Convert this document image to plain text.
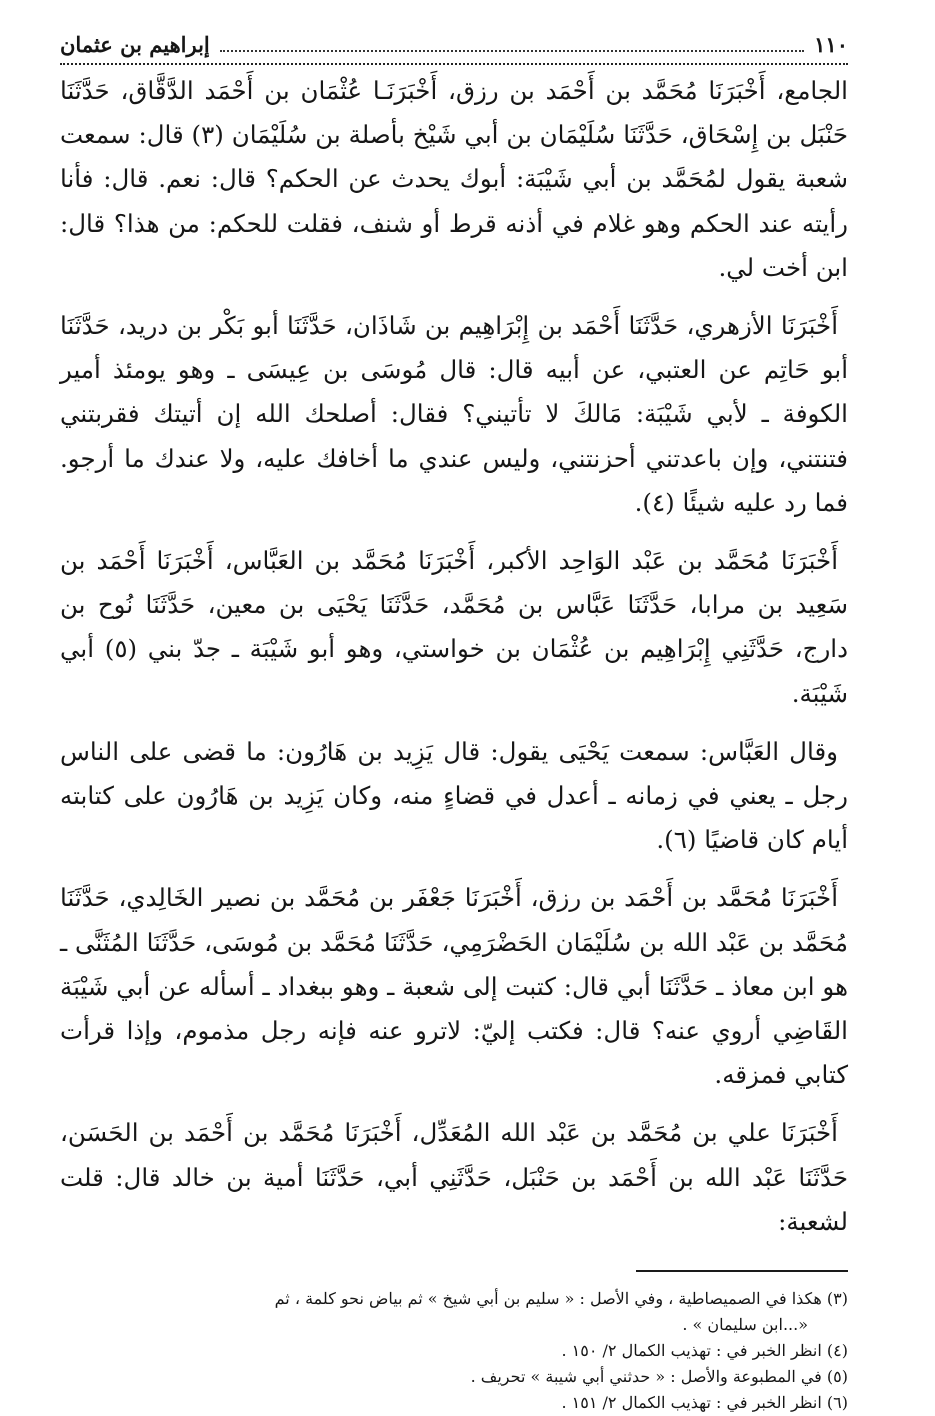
١١٠
إبراهيم بن عثمان

الجامع، أَخْبَرَنَا مُحَمَّد بن أَحْمَد بن رزق، أَخْبَرَنَـا عُثْمَان بن أَحْمَد الدَّقَّاق، حَدَّثَنَا حَنْبَل بن إِسْحَاق، حَدَّثَنَا سُلَيْمَان بن أبي شَيْخ بأصلة بن سُلَيْمَان (٣) قال: سمعت شعبة يقول لمُحَمَّد بن أبي شَيْبَة: أبوك يحدث عن الحكم؟ قال: نعم. قال: فأنا رأيته عند الحكم وهو غلام في أذنه قرط أو شنف، فقلت للحكم: من هذا؟ قال: ابن أخت لي.

أَخْبَرَنَا الأزهري، حَدَّثَنَا أَحْمَد بن إِبْرَاهِيم بن شَاذَان، حَدَّثَنَا أبو بَكْر بن دريد، حَدَّثَنَا أبو حَاتِم عن العتبي، عن أبيه قال: قال مُوسَى بن عِيسَى ـ وهو يومئذ أمير الكوفة ـ لأبي شَيْبَة: مَالكَ لا تأتيني؟ فقال: أصلحك الله إن أتيتك فقربتني فتنتني، وإن باعدتني أحزنتني، وليس عندي ما أخافك عليه، ولا عندك ما أرجو. فما رد عليه شيئًا (٤).

أَخْبَرَنَا مُحَمَّد بن عَبْد الوَاحِد الأكبر، أَخْبَرَنَا مُحَمَّد بن العَبَّاس، أَخْبَرَنَا أَحْمَد بن سَعِيد بن مرابا، حَدَّثَنَا عَبَّاس بن مُحَمَّد، حَدَّثَنَا يَحْيَى بن معين، حَدَّثَنَا نُوح بن دارج، حَدَّثَنِي إِبْرَاهِيم بن عُثْمَان بن خواستي، وهو أبو شَيْبَة ـ جدّ بني (٥) أبي شَيْبَة.

وقال العَبَّاس: سمعت يَحْيَى يقول: قال يَزِيد بن هَارُون: ما قضى على الناس رجل ـ يعني في زمانه ـ أعدل في قضاءٍ منه، وكان يَزِيد بن هَارُون على كتابته أيام كان قاضيًا (٦).

أَخْبَرَنَا مُحَمَّد بن أَحْمَد بن رزق، أَخْبَرَنَا جَعْفَر بن مُحَمَّد بن نصير الخَالِدي، حَدَّثَنَا مُحَمَّد بن عَبْد الله بن سُلَيْمَان الحَضْرَمِي، حَدَّثَنَا مُحَمَّد بن مُوسَى، حَدَّثَنَا المُثَنَّى ـ هو ابن معاذ ـ حَدَّثَنَا أبي قال: كتبت إلى شعبة ـ وهو ببغداد ـ أسأله عن أبي شَيْبَة القَاضِي أروي عنه؟ قال: فكتب إليّ: لاترو عنه فإنه رجل مذموم، وإذا قرأت كتابي فمزقه.

أَخْبَرَنَا علي بن مُحَمَّد بن عَبْد الله المُعَدِّل، أَخْبَرَنَا مُحَمَّد بن أَحْمَد بن الحَسَن، حَدَّثَنَا عَبْد الله بن أَحْمَد بن حَنْبَل، حَدَّثَنِي أبي، حَدَّثَنَا أمية بن خالد قال: قلت لشعبة:

(٣) هكذا في الصميصاطية ، وفي الأصل : « سليم بن أبي شيخ » ثم بياض نحو كلمة ، ثم
«...ابن سليمان » .

(٤) انظر الخبر في : تهذيب الكمال ٢/ ١٥٠ .

(٥) في المطبوعة والأصل : « حدثني أبي شيبة » تحريف .

(٦) انظر الخبر في : تهذيب الكمال ٢/ ١٥١ .
